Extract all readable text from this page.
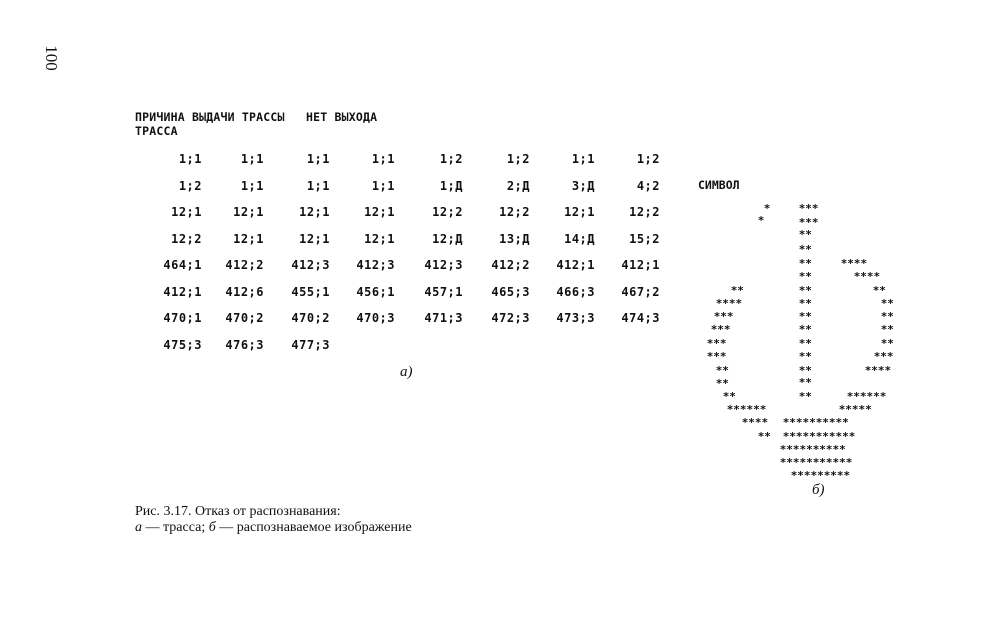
100
ПРИЧИНА ВЫДАЧИ ТРАССЫ   НЕТ ВЫХОДА
ТРАССА
1;1	1;1	1;1	1;1	1;2	1;2	1;1	1;2
1;2	1;1	1;1	1;1	1;Д	2;Д	3;Д	4;2
12;1	12;1	12;1	12;1	12;2	12;2	12;1	12;2
12;2	12;1	12;1	12;1	12;Д	13;Д	14;Д	15;2
464;1	412;2	412;3	412;3	412;3	412;2	412;1	412;1
412;1	412;6	455;1	456;1	457;1	465;3	466;3	467;2
470;1	470;2	470;2	470;3	471;3	472;3	473;3	474;3
475;3	476;3	477;3
а)
СИМВОЛ
* * *
* * *
* *
* *
* *
* *
* *
* *
* *
* *
* *
* *
* *
* *
* *
*
*
* * * *
* * * *
* *
* *
* *
* *
* *
* * *
* * * *
* * * * * *
* * * * *
* *
* * * *
* * *
* * *
* * *
* * *
* *
* *
* *
* * * * * *
* * * *
* *
* * * * * * * * * *
* * * * * * * * * * *
* * * * * * * * * *
* * * * * * * * * * *
* * * * * * * * *
б)
Рис. 3.17. Отказ от распознавания:
а — трасса; б — распознаваемое изображение
